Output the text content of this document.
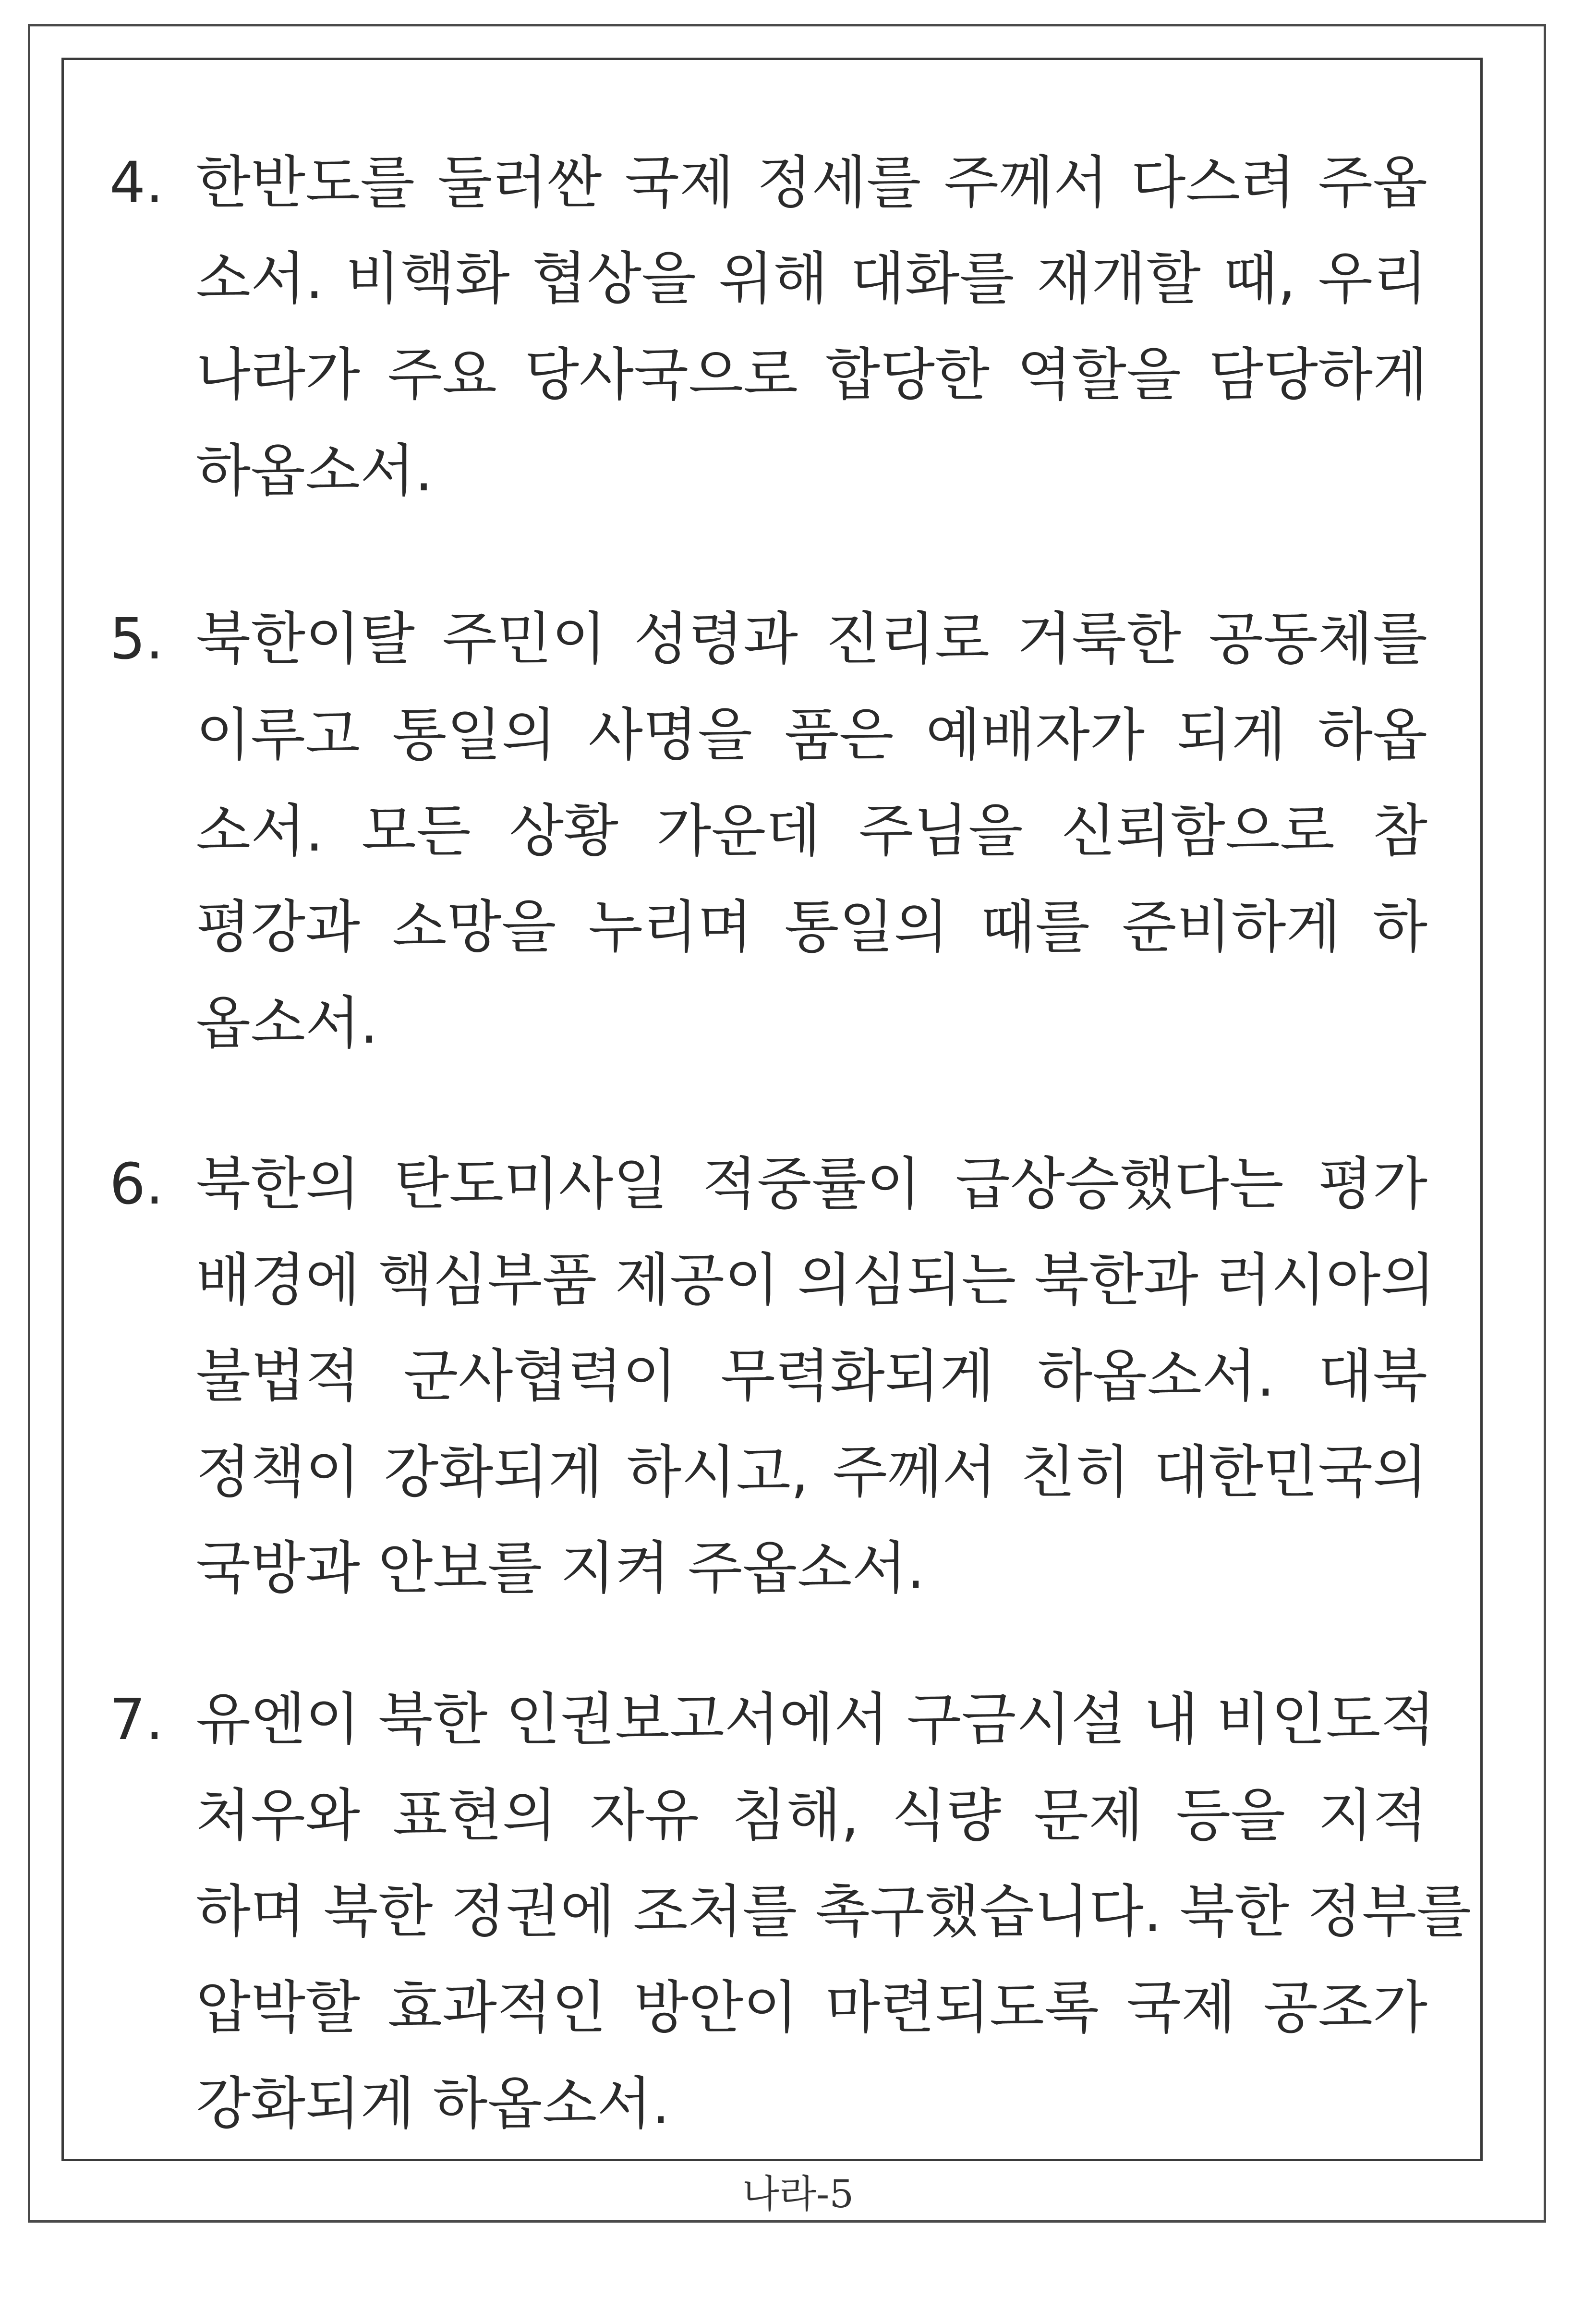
4. 한반도를 둘러싼 국제 정세를 주께서 다스려 주옵
소서. 비핵화 협상을 위해 대화를 재개할 때, 우리
나라가 주요 당사국으로 합당한 역할을 담당하게
하옵소서.
5. 북한이탈 주민이 성령과 진리로 거룩한 공동체를
이루고 통일의 사명을 품은 예배자가 되게 하옵
소서. 모든 상황 가운데 주님을 신뢰함으로 참
평강과 소망을 누리며 통일의 때를 준비하게 하
옵소서.
6. 북한의 탄도미사일 적중률이 급상승했다는 평가
배경에 핵심부품 제공이 의심되는 북한과 러시아의
불법적 군사협력이 무력화되게 하옵소서. 대북
정책이 강화되게 하시고, 주께서 친히 대한민국의
국방과 안보를 지켜 주옵소서.
7. 유엔이 북한 인권보고서에서 구금시설 내 비인도적
처우와 표현의 자유 침해, 식량 문제 등을 지적
하며 북한 정권에 조처를 촉구했습니다. 북한 정부를
압박할 효과적인 방안이 마련되도록 국제 공조가
강화되게 하옵소서.
나라-5
